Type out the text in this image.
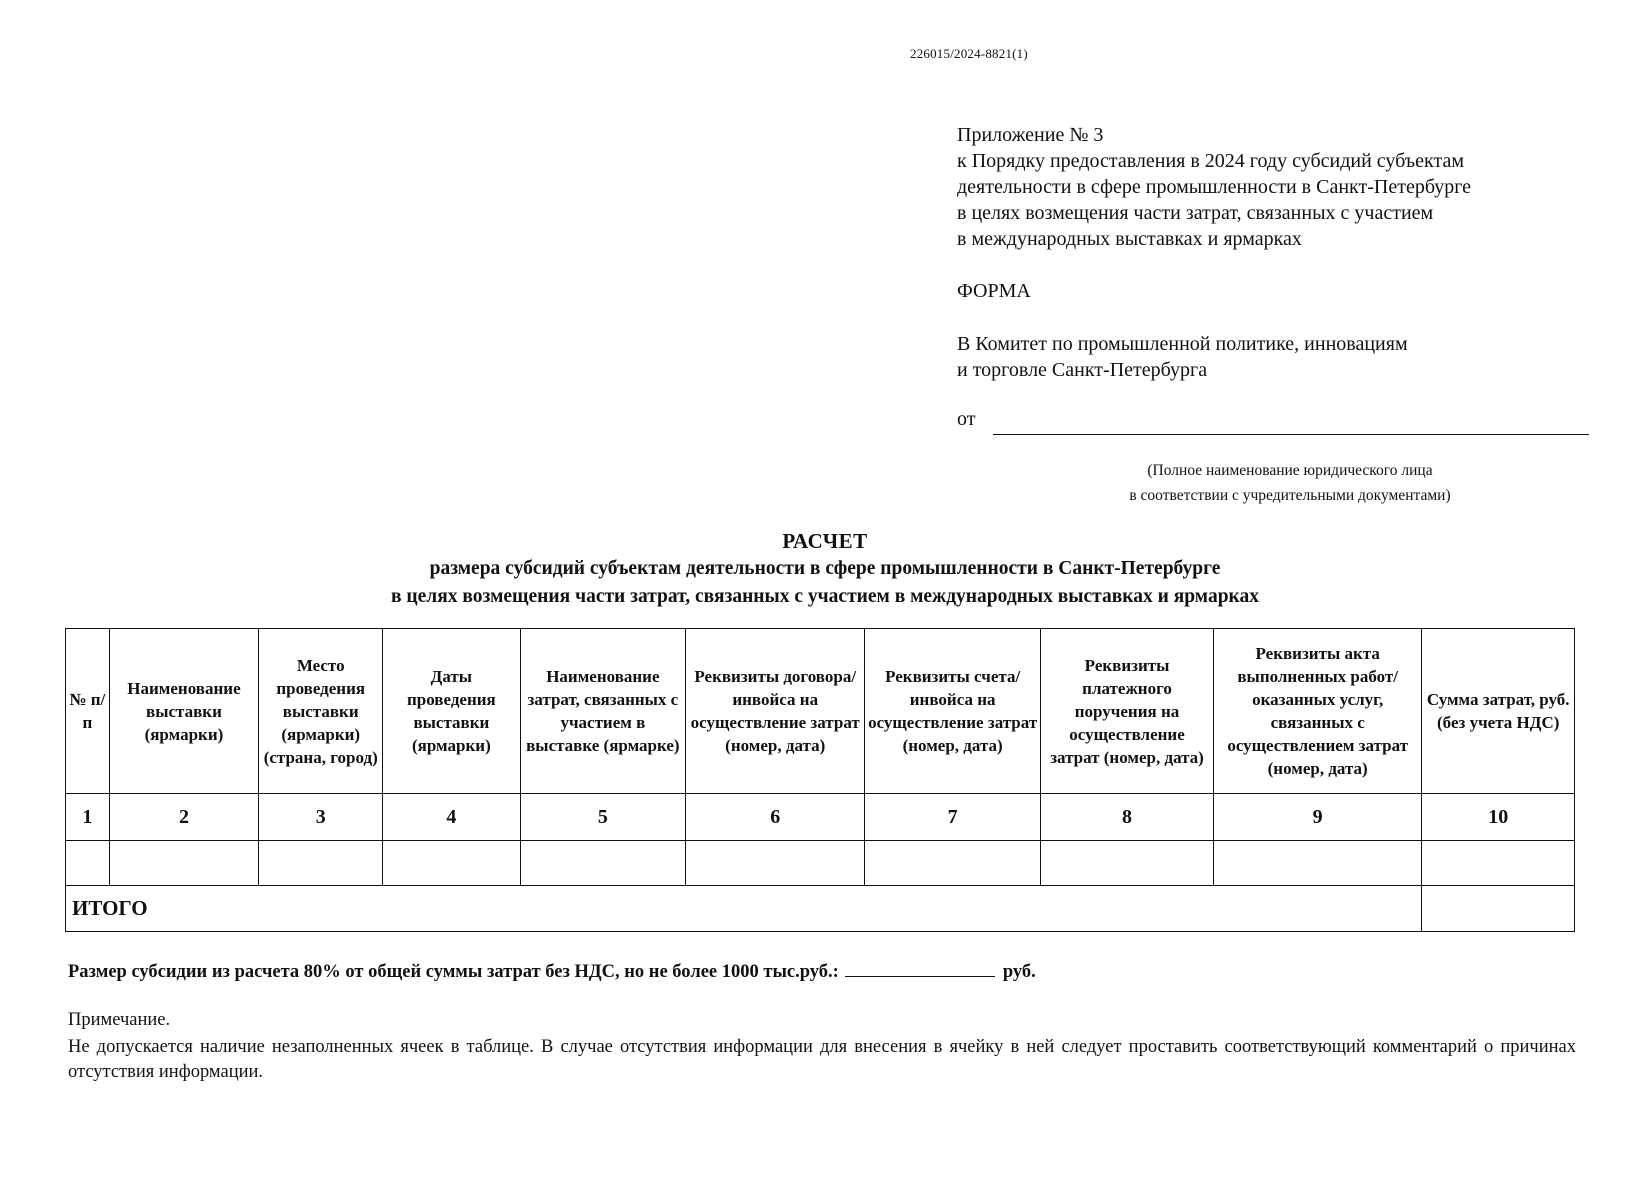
226015/2024-8821(1)
Приложение № 3
к Порядку предоставления в 2024 году субсидий субъектам
деятельности в сфере промышленности в Санкт-Петербурге
в целях возмещения части затрат, связанных с участием
в международных выставках и ярмарках
ФОРМА
В Комитет по промышленной политике, инновациям
и торговле Санкт-Петербурга
от
(Полное наименование юридического лица
в соответствии с учредительными документами)
РАСЧЕТ
размера субсидий субъектам деятельности в сфере промышленности в Санкт-Петербурге
в целях возмещения части затрат, связанных с участием в международных выставках и ярмарках
№ п/п	Наименование выставки (ярмарки)	Место проведения выставки (ярмарки) (страна, город)	Даты проведения выставки (ярмарки)	Наименование затрат, связанных с участием в выставке (ярмарке)	Реквизиты договора/инвойса на осуществление затрат (номер, дата)	Реквизиты счета/инвойса на осуществление затрат (номер, дата)	Реквизиты платежного поручения на осуществление затрат (номер, дата)	Реквизиты акта выполненных работ/оказанных услуг, связанных с осуществлением затрат (номер, дата)	Сумма затрат, руб. (без учета НДС)
1	2	3	4	5	6	7	8	9	10

ИТОГО									
Размер субсидии из расчета 80% от общей суммы затрат без НДС, но не более 1000 тыс.руб.:	руб.
Примечание.
Не допускается наличие незаполненных ячеек в таблице. В случае отсутствия информации для внесения в ячейку в ней следует проставить соответствующий комментарий о причинах отсутствия информации.
